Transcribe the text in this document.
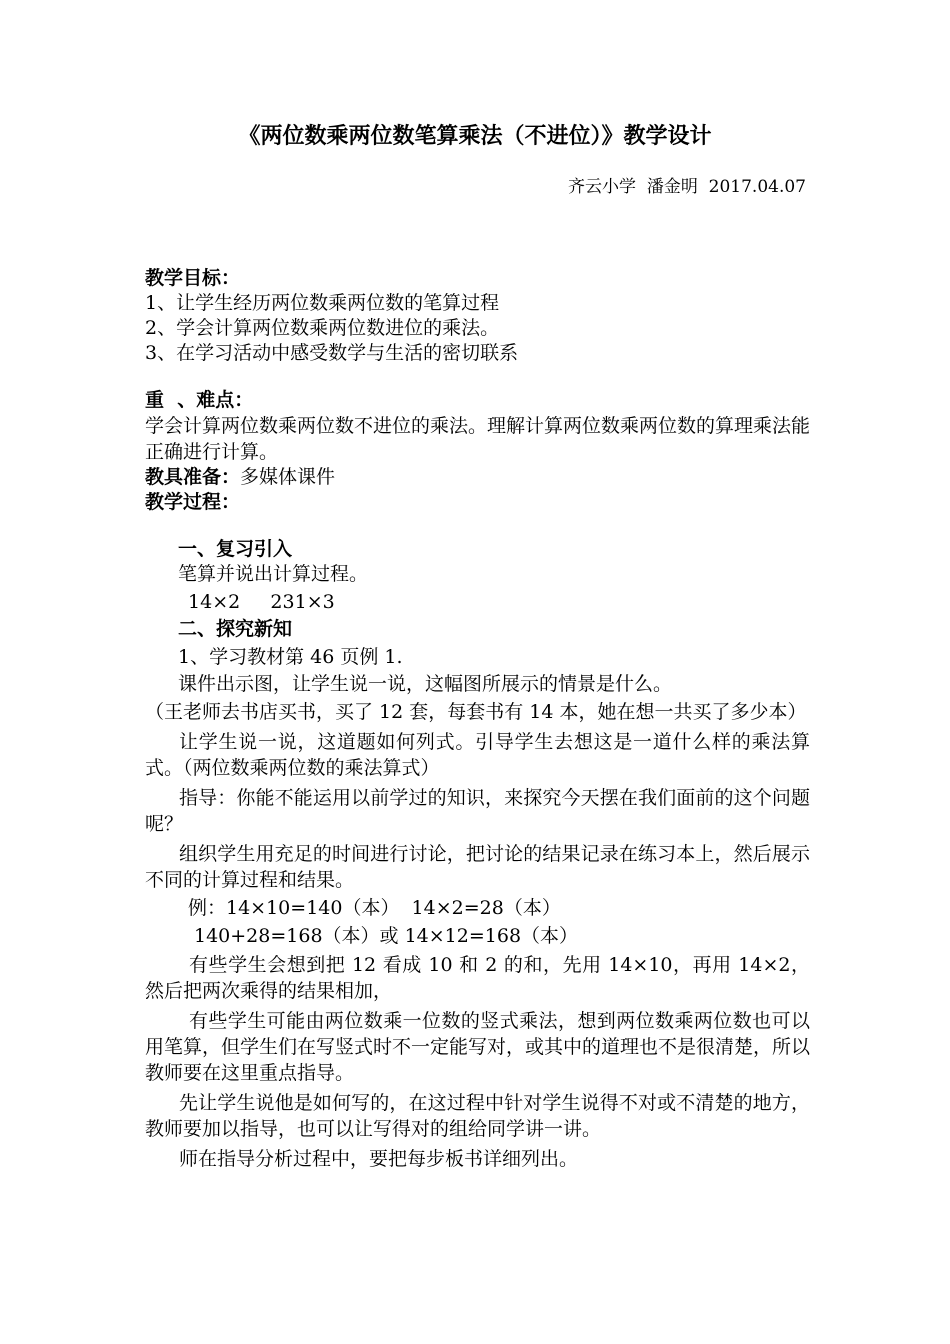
《两位数乘两位数笔算乘法（不进位）》教学设计
齐云小学  潘金明  2017.04.07
教学目标：
1、让学生经历两位数乘两位数的笔算过程
2、学会计算两位数乘两位数进位的乘法。
3、在学习活动中感受数学与生活的密切联系
重  、难点：
学会计算两位数乘两位数不进位的乘法。理解计算两位数乘两位数的算理乘法能正确进行计算。
教具准备：多媒体课件
教学过程：
一、复习引入
笔算并说出计算过程。
14×2     231×3
二、探究新知
1、学习教材第 46 页例 1.
课件出示图，让学生说一说，这幅图所展示的情景是什么。
（王老师去书店买书，买了 12 套，每套书有 14 本，她在想一共买了多少本）
让学生说一说，这道题如何列式。引导学生去想这是一道什么样的乘法算式。（两位数乘两位数的乘法算式）
指导：你能不能运用以前学过的知识，来探究今天摆在我们面前的这个问题呢？
组织学生用充足的时间进行讨论，把讨论的结果记录在练习本上，然后展示不同的计算过程和结果。
例：14×10=140（本）  14×2=28（本）
140+28=168（本）或 14×12=168（本）
有些学生会想到把 12 看成 10 和 2 的和，先用 14×10，再用 14×2，然后把两次乘得的结果相加，
有些学生可能由两位数乘一位数的竖式乘法，想到两位数乘两位数也可以用笔算，但学生们在写竖式时不一定能写对，或其中的道理也不是很清楚，所以教师要在这里重点指导。
先让学生说他是如何写的，在这过程中针对学生说得不对或不清楚的地方，教师要加以指导，也可以让写得对的组给同学讲一讲。
师在指导分析过程中，要把每步板书详细列出。
